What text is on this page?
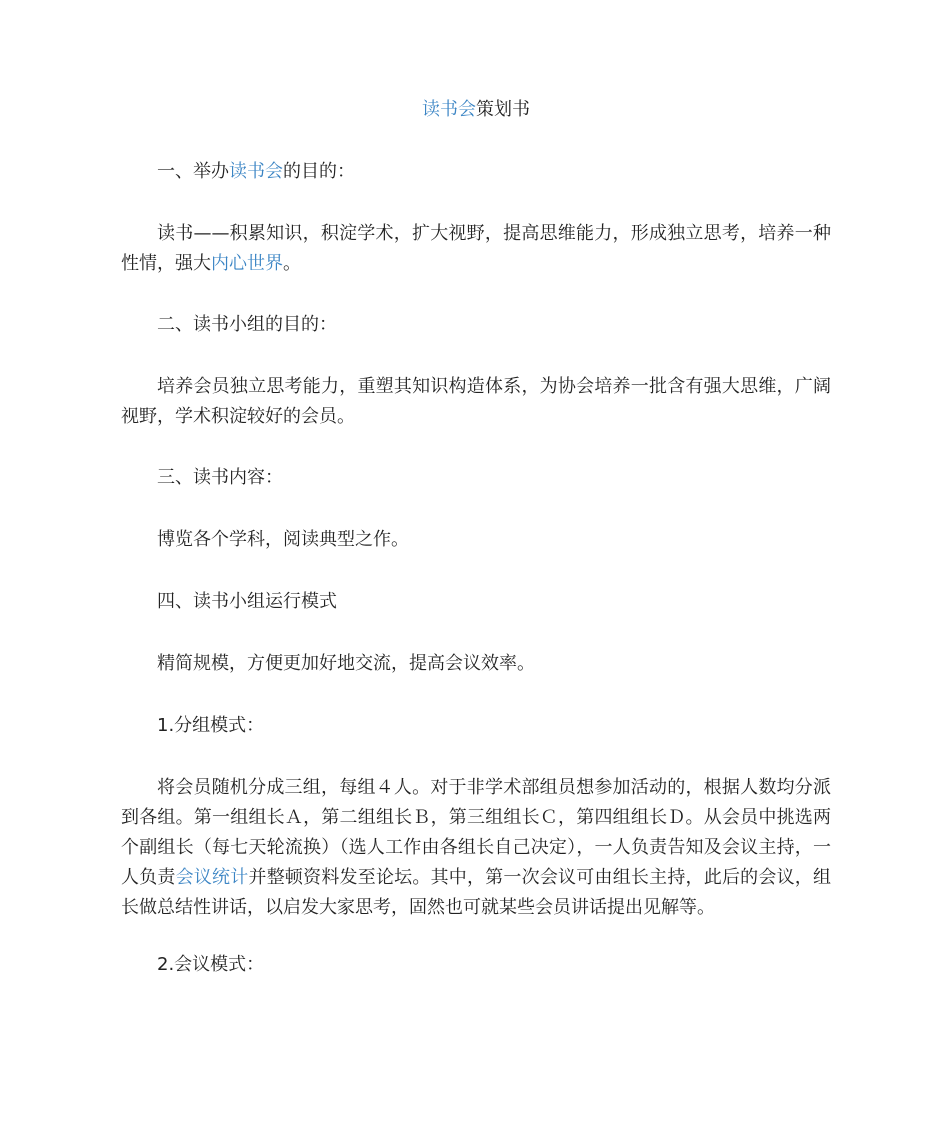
读书会策划书
一、举办读书会的目的：
读书——积累知识，积淀学术，扩大视野，提高思维能力，形成独立思考，培养一种性情，强大内心世界。
二、读书小组的目的：
培养会员独立思考能力，重塑其知识构造体系，为协会培养一批含有强大思维，广阔视野，学术积淀较好的会员。
三、读书内容：
博览各个学科，阅读典型之作。
四、读书小组运行模式
精简规模，方便更加好地交流，提高会议效率。
1.分组模式：
将会员随机分成三组，每组４人。对于非学术部组员想参加活动的，根据人数均分派到各组。第一组组长Ａ，第二组组长Ｂ，第三组组长Ｃ，第四组组长Ｄ。从会员中挑选两个副组长（每七天轮流换）（选人工作由各组长自己决定），一人负责告知及会议主持，一人负责会议统计并整顿资料发至论坛。其中，第一次会议可由组长主持，此后的会议，组长做总结性讲话，以启发大家思考，固然也可就某些会员讲话提出见解等。
2.会议模式：
